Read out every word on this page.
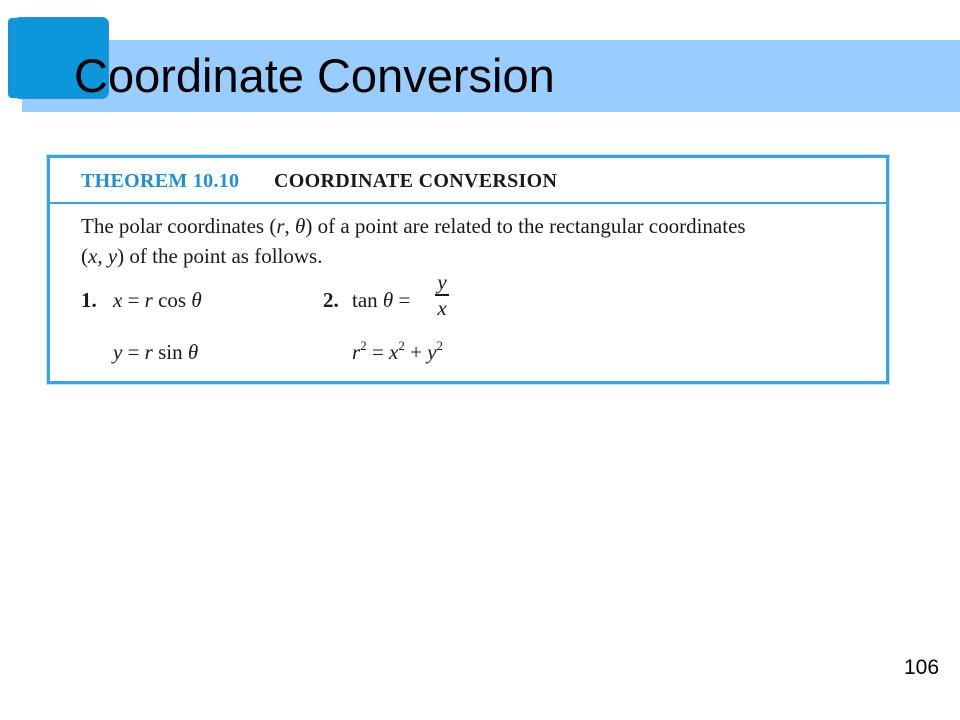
Coordinate Conversion
THEOREM 10.10 COORDINATE CONVERSION

The polar coordinates (r, θ) of a point are related to the rectangular coordinates
(x, y) of the point as follows.

1. x = r cos θ
y = r sin θ
2. tan θ =
y
x
$r^2 = x^2 + y^2$
106
